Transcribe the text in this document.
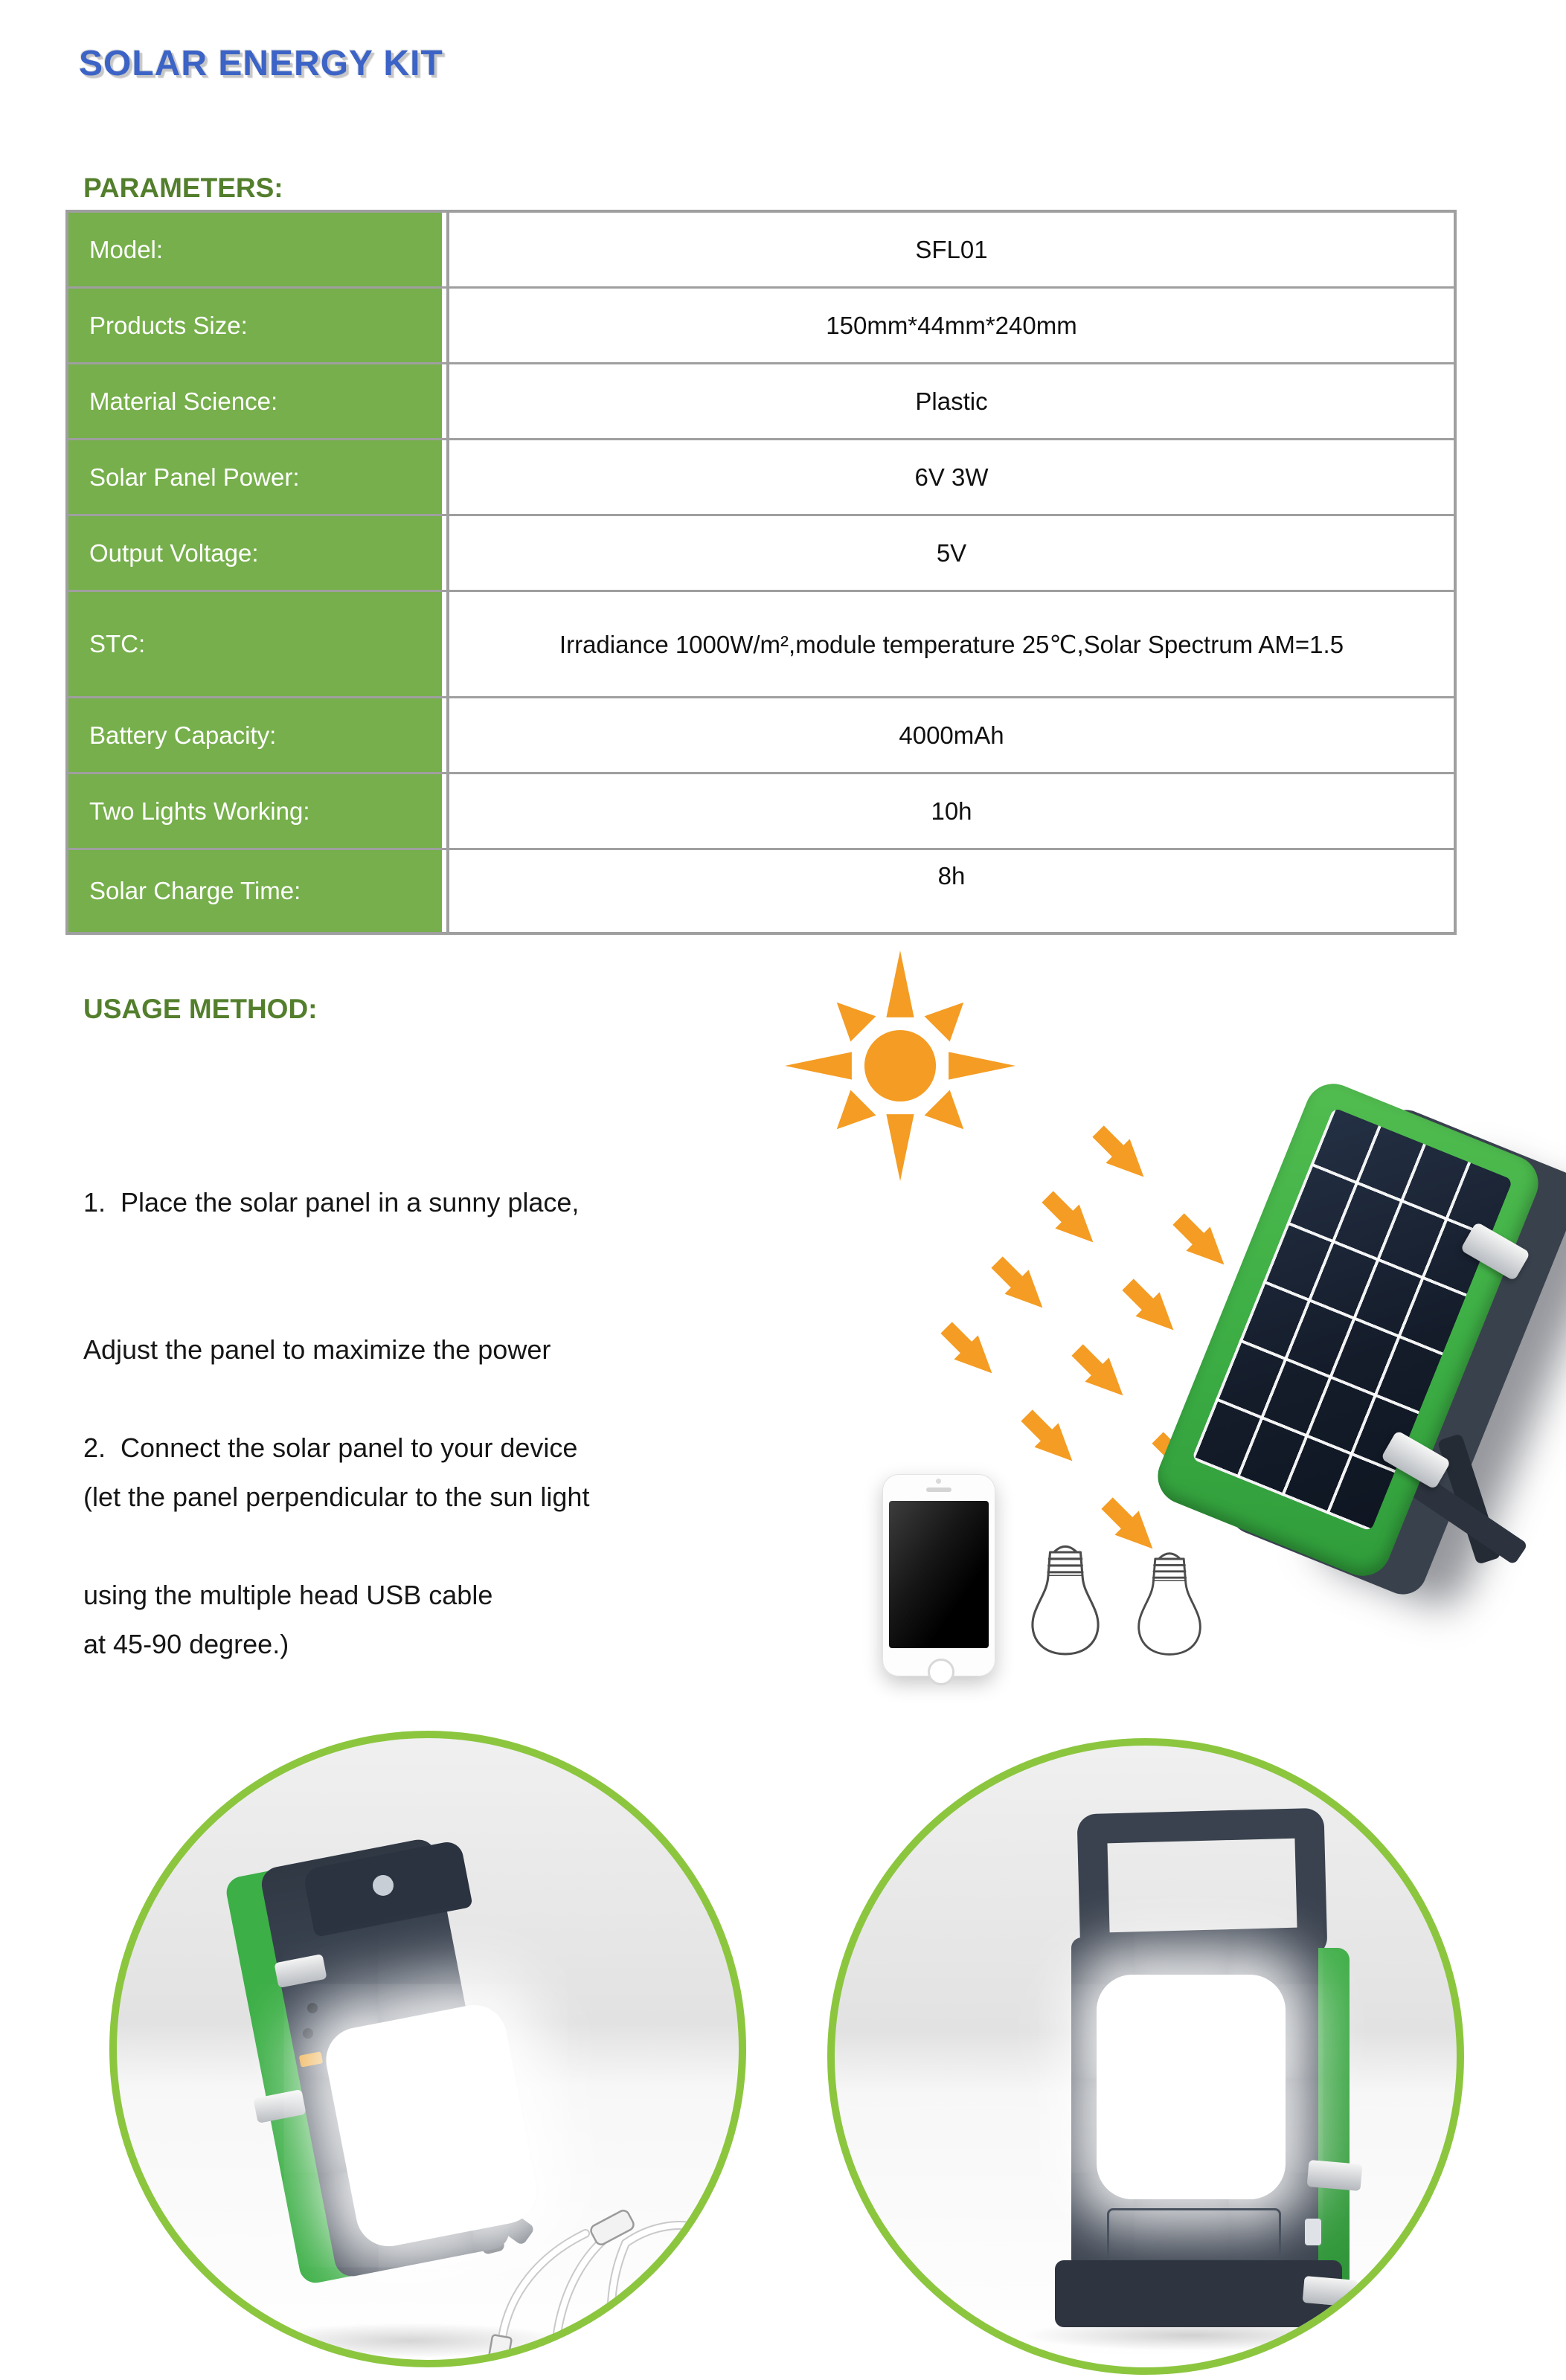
SOLAR ENERGY KIT
PARAMETERS:
Model:	SFL01
Products Size:	150mm*44mm*240mm
Material Science:	Plastic
Solar Panel Power:	6V 3W
Output Voltage:	5V
STC:	Irradiance 1000W/m²,module temperature 25℃,Solar Spectrum AM=1.5
Battery Capacity:	4000mAh
Two Lights Working:	10h
Solar Charge Time:
8h
USAGE METHOD:

1.  Place the solar panel in a sunny place,

Adjust the panel to maximize the power

(let the panel perpendicular to the sun light

at 45-90 degree.)

2.  Connect the solar panel to your device

using the multiple head USB cable
